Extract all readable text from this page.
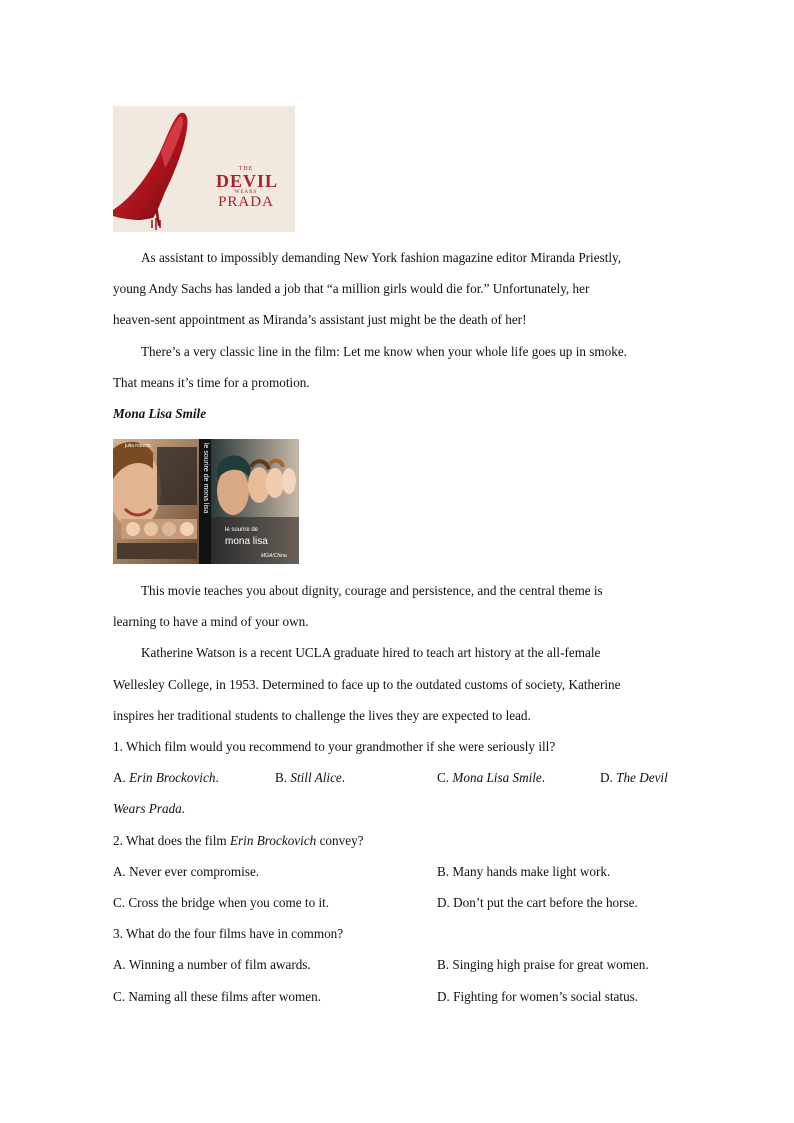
THE
DEVIL
WEARS
PRADA
As assistant to impossibly demanding New York fashion magazine editor Miranda Priestly,
young Andy Sachs has landed a job that “a million girls would die for.” Unfortunately, her
heaven-sent appointment as Miranda’s assistant just might be the death of her!
There’s a very classic line in the film: Let me know when your whole life goes up in smoke.
That means it’s time for a promotion.
Mona Lisa Smile
julia roberts	le sourire de mona lisa
le sourire de
mona lisa
MGA/China
This movie teaches you about dignity, courage and persistence, and the central theme is
learning to have a mind of your own.
Katherine Watson is a recent UCLA graduate hired to teach art history at the all-female
Wellesley College, in 1953. Determined to face up to the outdated customs of society, Katherine
inspires her traditional students to challenge the lives they are expected to lead.
1. Which film would you recommend to your grandmother if she were seriously ill?
A. Erin Brockovich.	B. Still Alice.	C. Mona Lisa Smile.	D. The Devil
Wears Prada.
2. What does the film Erin Brockovich convey?
A. Never ever compromise.	B. Many hands make light work.
C. Cross the bridge when you come to it.	D. Don’t put the cart before the horse.
3. What do the four films have in common?
A. Winning a number of film awards.	B. Singing high praise for great women.
C. Naming all these films after women.	D. Fighting for women’s social status.
